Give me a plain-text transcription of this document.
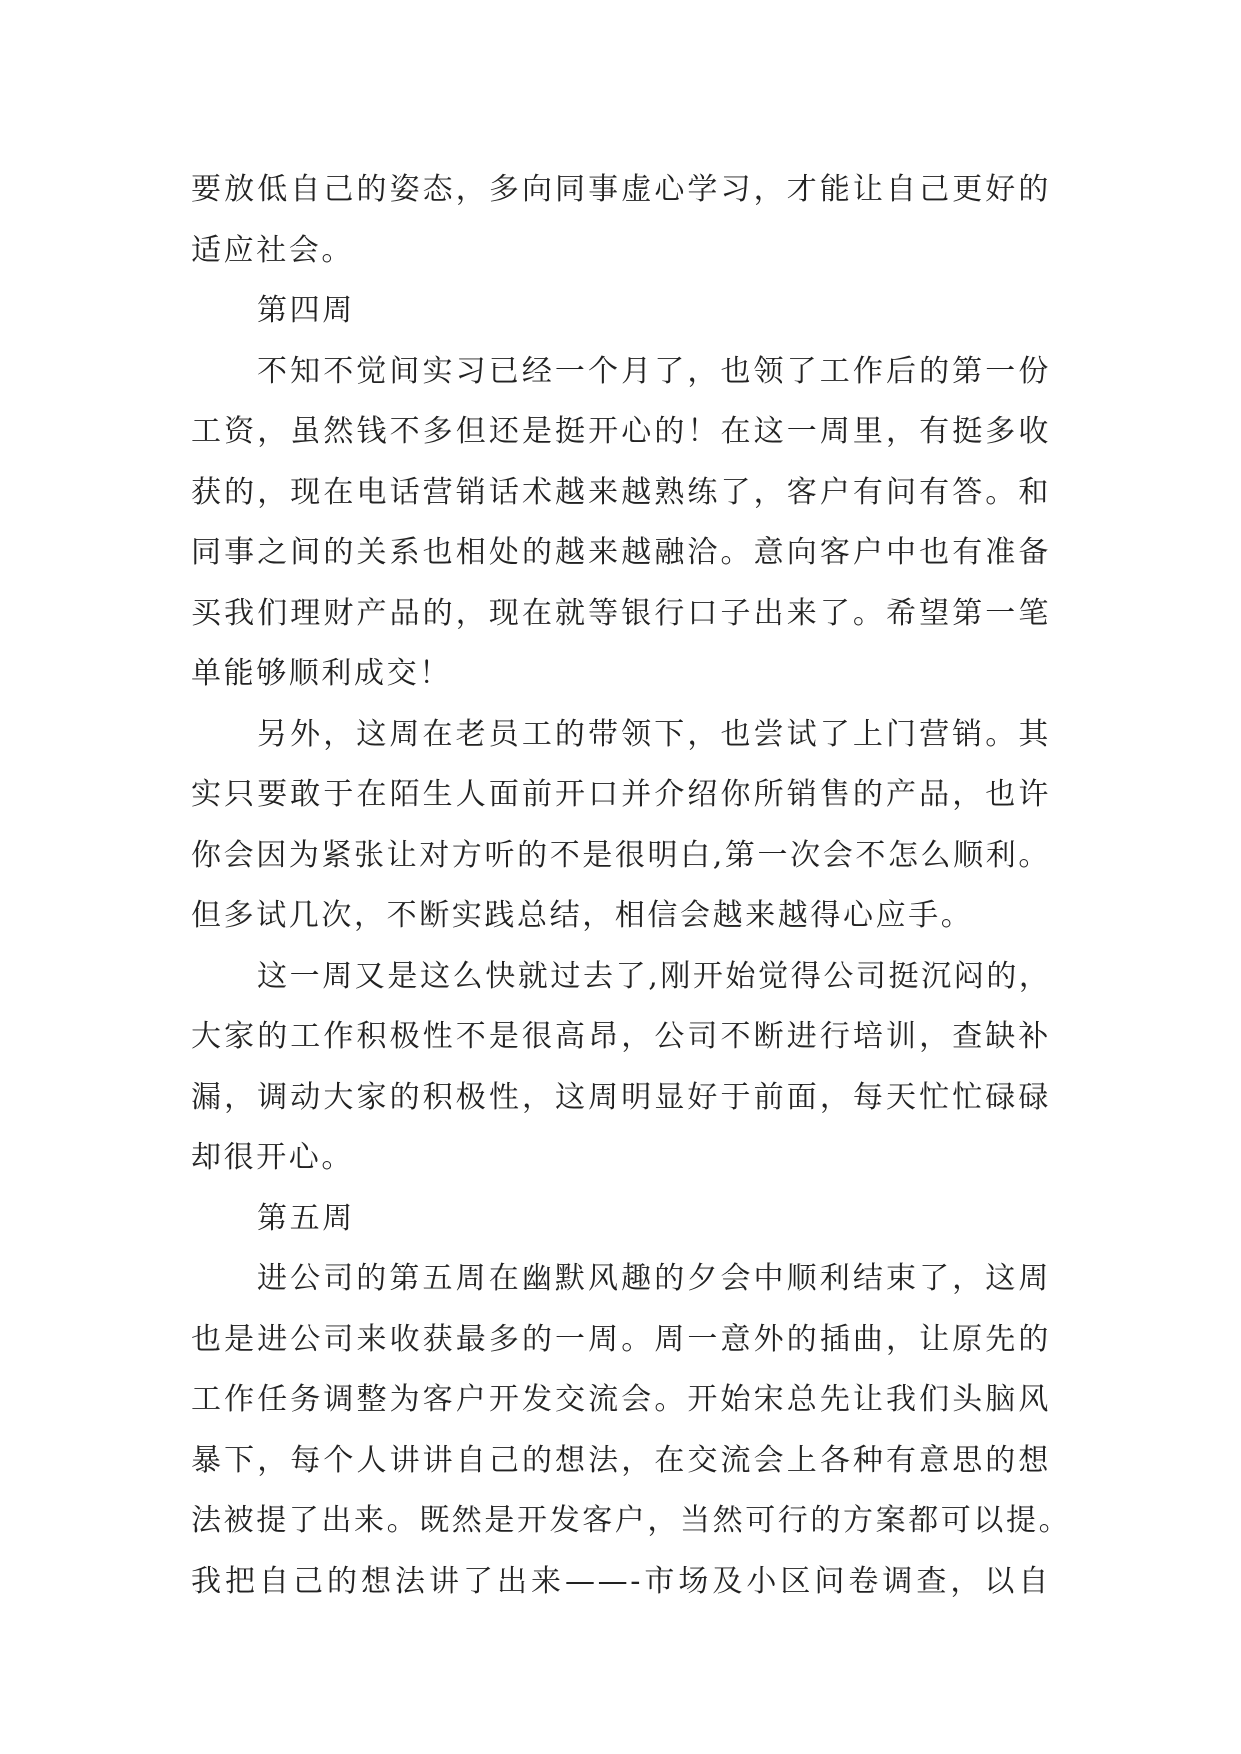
要放低自己的姿态，多向同事虚心学习，才能让自己更好的
适应社会。
第四周
不知不觉间实习已经一个月了，也领了工作后的第一份
工资，虽然钱不多但还是挺开心的！在这一周里，有挺多收
获的，现在电话营销话术越来越熟练了，客户有问有答。和
同事之间的关系也相处的越来越融洽。意向客户中也有准备
买我们理财产品的，现在就等银行口子出来了。希望第一笔
单能够顺利成交！
另外，这周在老员工的带领下，也尝试了上门营销。其
实只要敢于在陌生人面前开口并介绍你所销售的产品，也许
你会因为紧张让对方听的不是很明白,第一次会不怎么顺利。
但多试几次，不断实践总结，相信会越来越得心应手。
这一周又是这么快就过去了,刚开始觉得公司挺沉闷的，
大家的工作积极性不是很高昂，公司不断进行培训，查缺补
漏，调动大家的积极性，这周明显好于前面，每天忙忙碌碌
却很开心。
第五周
进公司的第五周在幽默风趣的夕会中顺利结束了，这周
也是进公司来收获最多的一周。周一意外的插曲，让原先的
工作任务调整为客户开发交流会。开始宋总先让我们头脑风
暴下，每个人讲讲自己的想法，在交流会上各种有意思的想
法被提了出来。既然是开发客户，当然可行的方案都可以提。
我把自己的想法讲了出来——-市场及小区问卷调查，以自
